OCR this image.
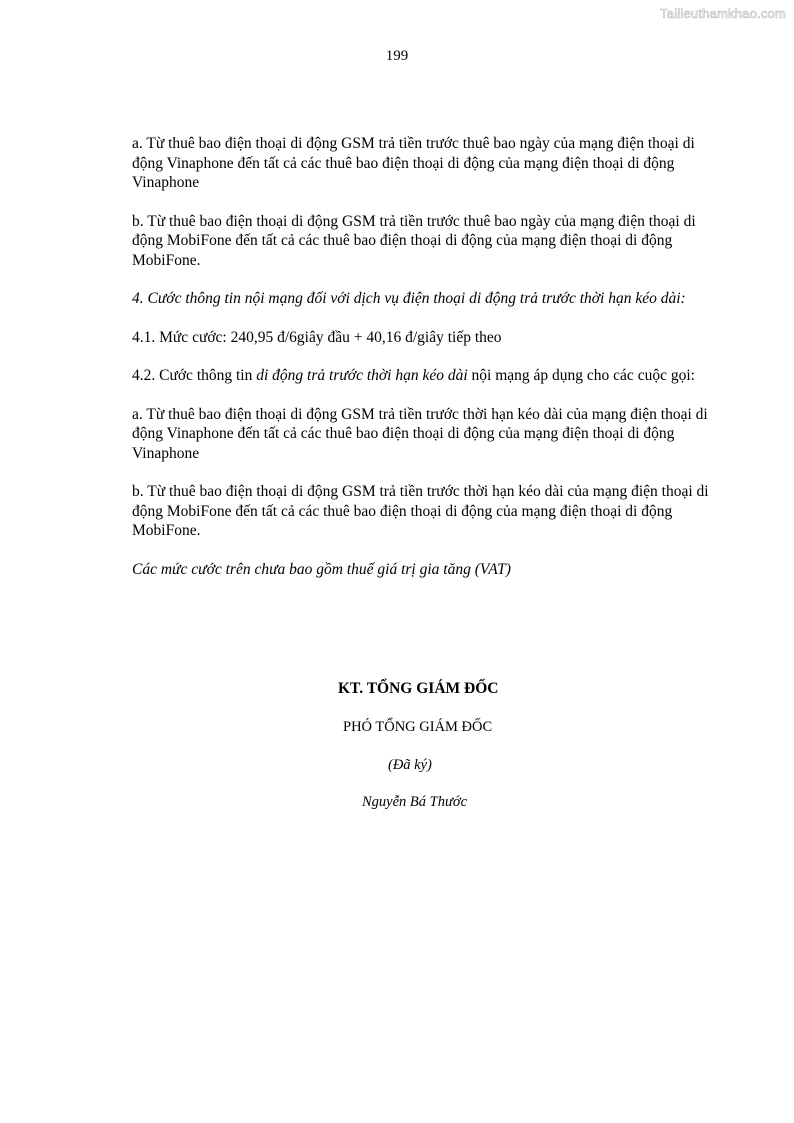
Tailieuthamkhao.com
199

a. Từ thuê bao điện thoại di động GSM trả tiền trước thuê bao ngày của mạng điện thoại di động Vinaphone đến tất cả các thuê bao điện thoại di động của mạng điện thoại di động Vinaphone

b. Từ thuê bao điện thoại di động GSM trả tiền trước thuê bao ngày của mạng điện thoại di động MobiFone đến tất cả các thuê bao điện thoại di động của mạng điện thoại di động MobiFone.

4. Cước thông tin nội mạng đối với dịch vụ điện thoại di động trả trước thời hạn kéo dài:

4.1. Mức cước: 240,95 đ/6giây đầu + 40,16 đ/giây tiếp theo

4.2. Cước thông tin di động trả trước thời hạn kéo dài nội mạng áp dụng cho các cuộc gọi:

a. Từ thuê bao điện thoại di động GSM trả tiền trước thời hạn kéo dài của mạng điện thoại di động Vinaphone đến tất cả các thuê bao điện thoại di động của mạng điện thoại di động Vinaphone

b. Từ thuê bao điện thoại di động GSM trả tiền trước thời hạn kéo dài của mạng điện thoại di động MobiFone đến tất cả các thuê bao điện thoại di động của mạng điện thoại di động MobiFone.

Các mức cước trên chưa bao gồm thuế giá trị gia tăng (VAT)

KT. TỔNG GIÁM ĐỐC
PHÓ TỔNG GIÁM ĐỐC
(Đã ký)
Nguyễn Bá Thước
